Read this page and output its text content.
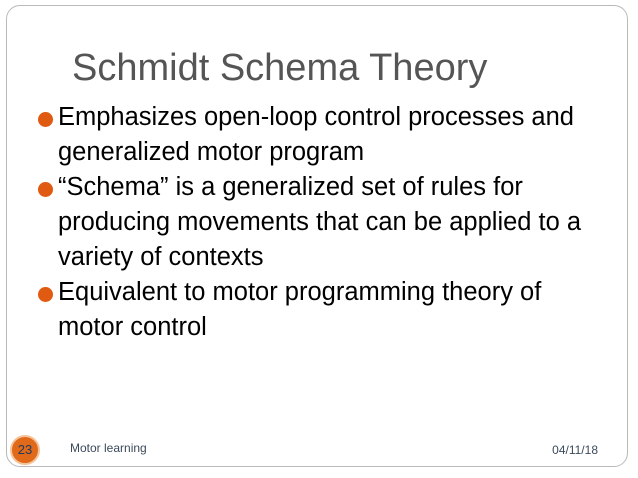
Schmidt Schema Theory
Emphasizes open-loop control processes and generalized motor program
“Schema” is a generalized set of rules for producing movements that can be applied to a variety of contexts
Equivalent to motor programming theory of motor control
23	Motor learning	04/11/18
